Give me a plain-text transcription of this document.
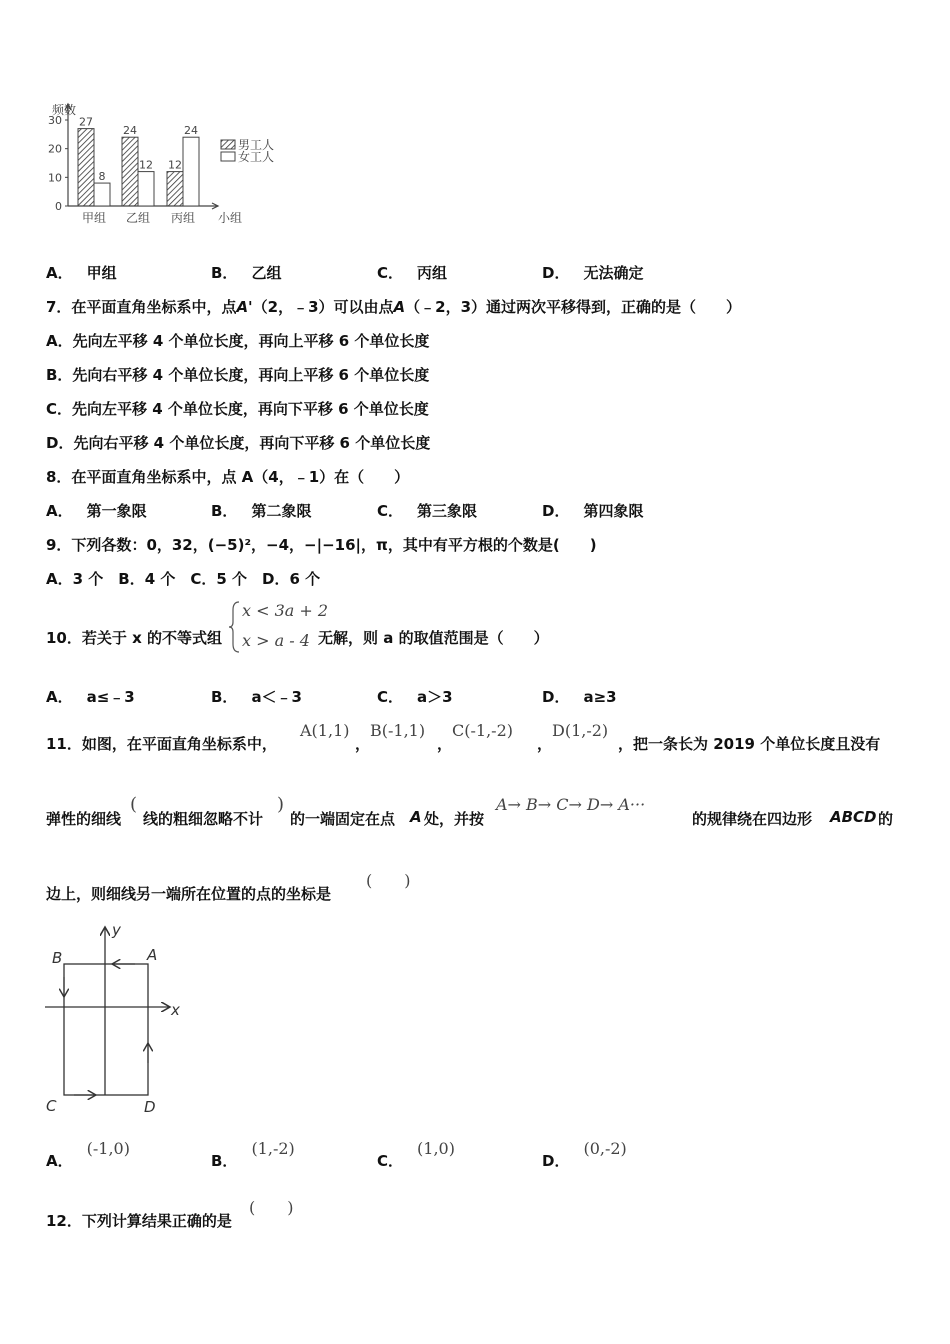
0
10
20
30
频数
小组
27
8
甲组
24
12
乙组
12
24
丙组
男工人
女工人
A． 甲组	B． 乙组	C． 丙组	D． 无法确定
7．在平面直角坐标系中，点A'（2，﹣3）可以由点A（﹣2，3）通过两次平移得到，正确的是（　　）
A．先向左平移 4 个单位长度，再向上平移 6 个单位长度
B．先向右平移 4 个单位长度，再向上平移 6 个单位长度
C．先向左平移 4 个单位长度，再向下平移 6 个单位长度
D．先向右平移 4 个单位长度，再向下平移 6 个单位长度
8．在平面直角坐标系中，点 A（4，﹣1）在（　　）
A． 第一象限	B． 第二象限	C． 第三象限	D． 第四象限
9．下列各数：0，32，(−5)²，−4，−|−16|，π，其中有平方根的个数是(　　)
A．3 个　B．4 个　C．5 个　D．6 个
10．若关于 x 的不等式组
x < 3a + 2
x > a - 4 无解，则 a 的取值范围是（　　）
A． a≤﹣3	B． a＜﹣3	C． a＞3	D． a≥3
11．如图，在平面直角坐标系中，
A(1,1)
，
B(-1,1)
，
C(-1,-2)
，
D(1,-2)
，把一条长为 2019 个单位长度且没有
弹性的细线
(
线的粗细忽略不计
)
的一端固定在点 A 处，并按
A→ B→ C→ D→ A···
的规律绕在四边形 ABCD 的
边上，则细线另一端所在位置的点的坐标是
(　　)
B	A
C	D
x
y
A．(-1,0)
B．(1,-2)
C．(1,0)
D．(0,-2)
12．下列计算结果正确的是
(　　)
